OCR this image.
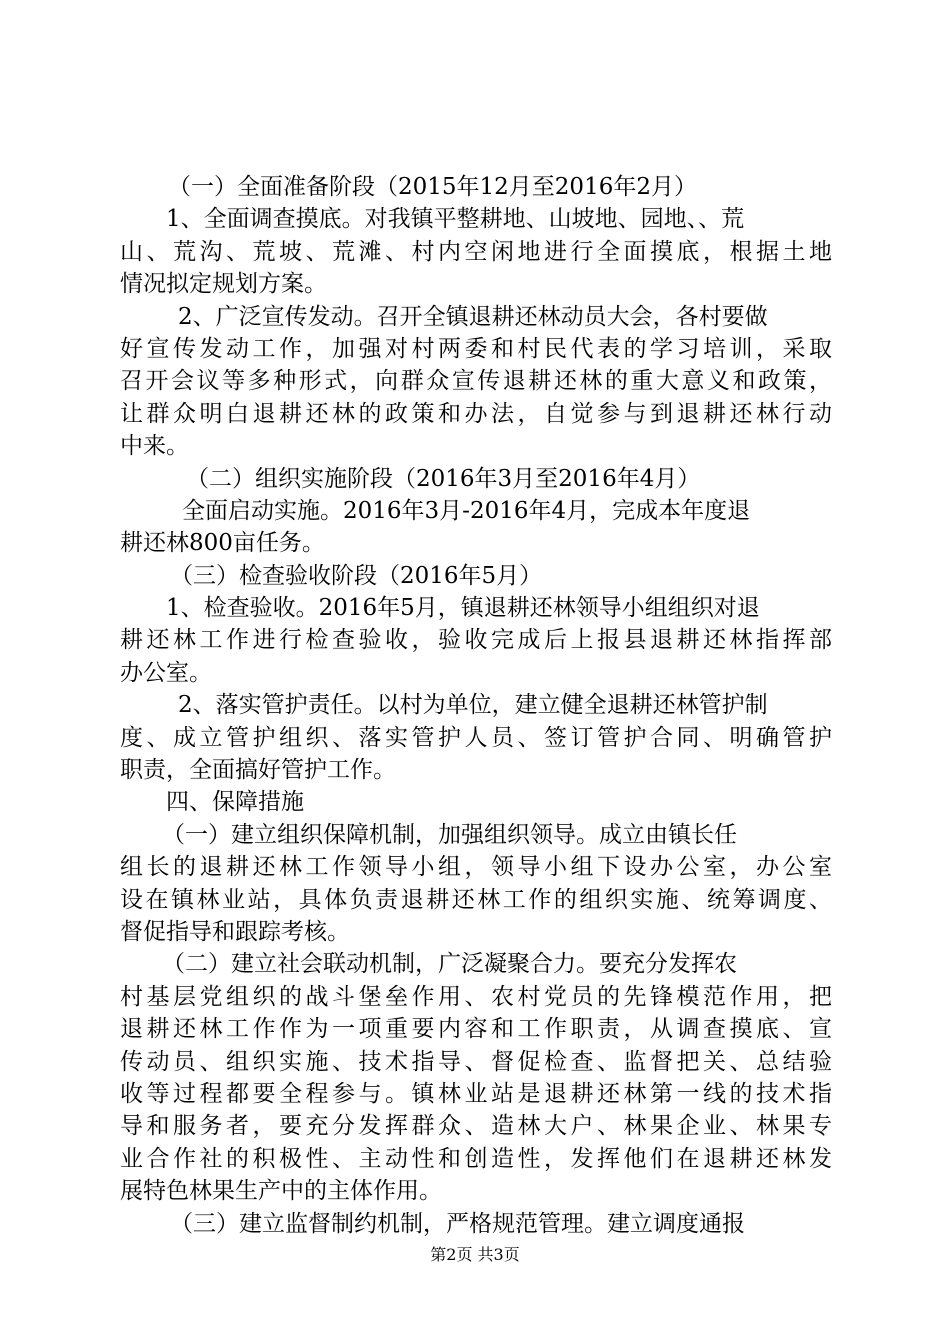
（一）全面准备阶段（2015年12月至2016年2月）
1、全面调查摸底。对我镇平整耕地、山坡地、园地、、荒
山、荒沟、荒坡、荒滩、村内空闲地进行全面摸底，根据土地
情况拟定规划方案。
2、广泛宣传发动。召开全镇退耕还林动员大会，各村要做
好宣传发动工作，加强对村两委和村民代表的学习培训，采取
召开会议等多种形式，向群众宣传退耕还林的重大意义和政策，
让群众明白退耕还林的政策和办法，自觉参与到退耕还林行动
中来。
（二）组织实施阶段（2016年3月至2016年4月）
全面启动实施。2016年3月-2016年4月，完成本年度退
耕还林800亩任务。
（三）检查验收阶段（2016年5月）
1、检查验收。2016年5月，镇退耕还林领导小组组织对退
耕还林工作进行检查验收，验收完成后上报县退耕还林指挥部
办公室。
2、落实管护责任。以村为单位，建立健全退耕还林管护制
度、成立管护组织、落实管护人员、签订管护合同、明确管护
职责，全面搞好管护工作。
四、保障措施
（一）建立组织保障机制，加强组织领导。成立由镇长任
组长的退耕还林工作领导小组，领导小组下设办公室，办公室
设在镇林业站，具体负责退耕还林工作的组织实施、统筹调度、
督促指导和跟踪考核。
（二）建立社会联动机制，广泛凝聚合力。要充分发挥农
村基层党组织的战斗堡垒作用、农村党员的先锋模范作用，把
退耕还林工作作为一项重要内容和工作职责，从调查摸底、宣
传动员、组织实施、技术指导、督促检查、监督把关、总结验
收等过程都要全程参与。镇林业站是退耕还林第一线的技术指
导和服务者，要充分发挥群众、造林大户、林果企业、林果专
业合作社的积极性、主动性和创造性，发挥他们在退耕还林发
展特色林果生产中的主体作用。
（三）建立监督制约机制，严格规范管理。建立调度通报
第2页 共3页
